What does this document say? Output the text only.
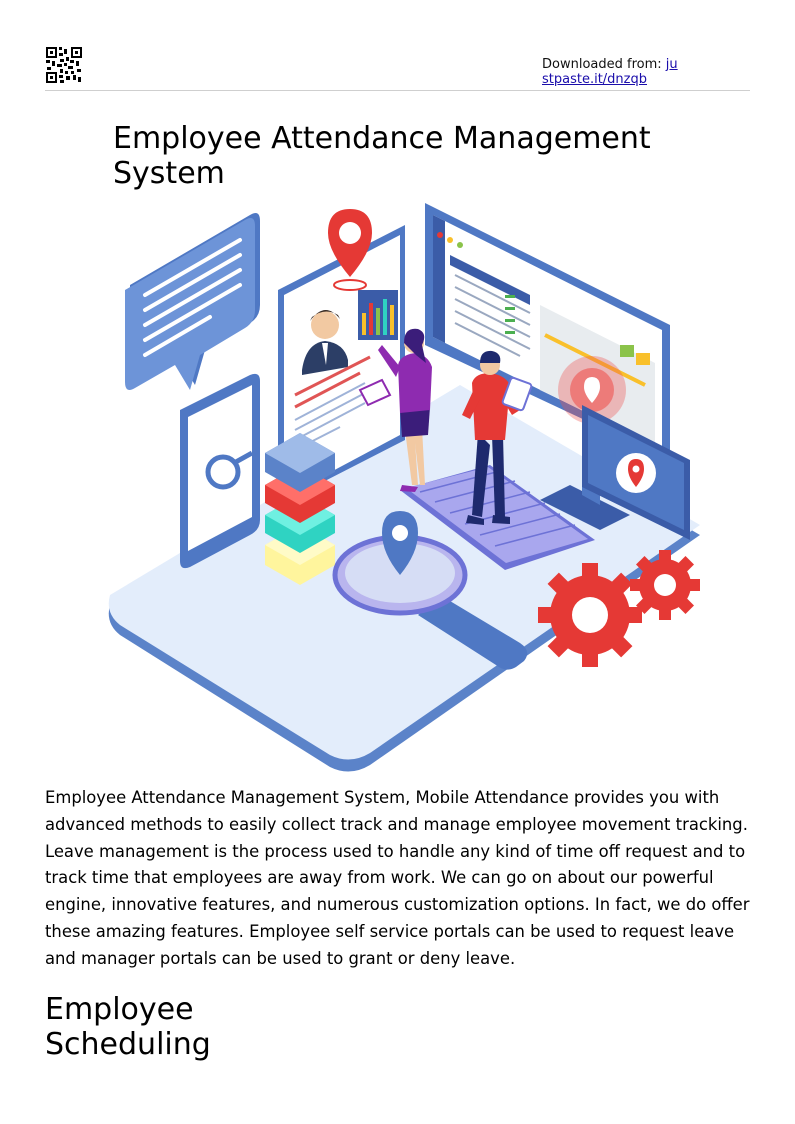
Downloaded from: justpaste.it/dnzqb
Employee Attendance Management System

Employee Attendance Management System, Mobile Attendance provides you with advanced methods to easily collect track and manage employee movement tracking. Leave management is the process used to handle any kind of time off request and to track time that employees are away from work. We can go on about our powerful engine, innovative features, and numerous customization options. In fact, we do offer these amazing features. Employee self service portals can be used to request leave and manager portals can be used to grant or deny leave.

Employee Scheduling
